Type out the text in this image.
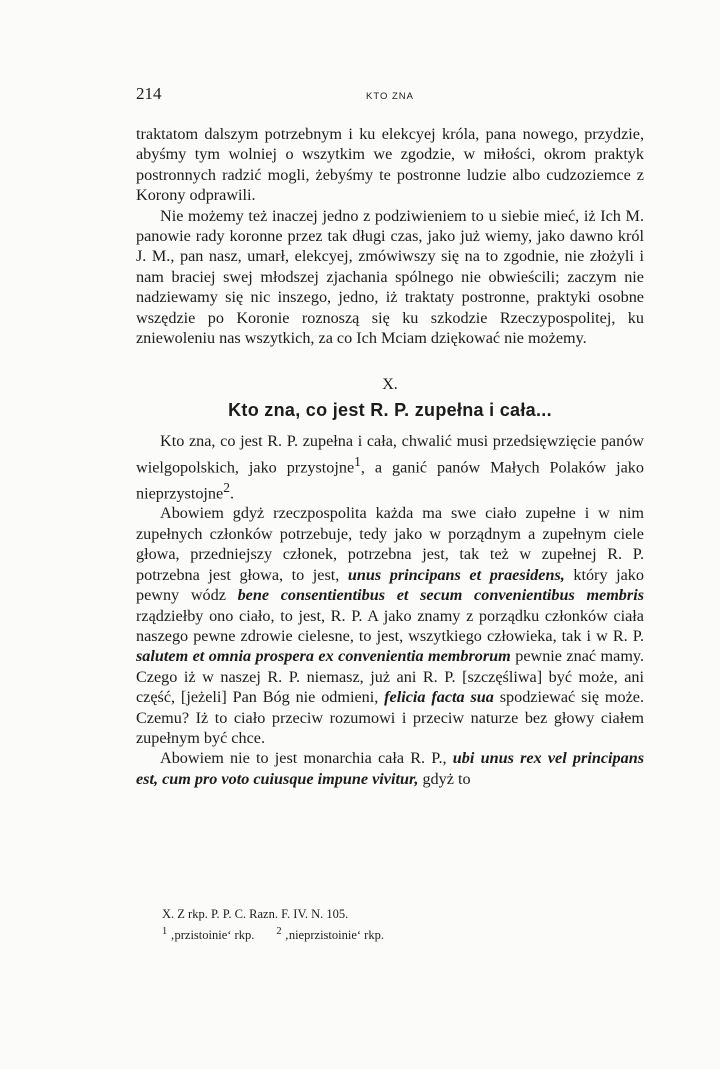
214	KTO ZNA

traktatom dalszym potrzebnym i ku elekcyej króla, pana nowego, przydzie, abyśmy tym wolniej o wszytkim we zgodzie, w miłości, okrom praktyk postronnych radzić mogli, żebyśmy te postronne ludzie albo cudzoziemce z Korony odprawili.

Nie możemy też inaczej jedno z podziwieniem to u siebie mieć, iż Ich M. panowie rady koronne przez tak długi czas, jako już wiemy, jako dawno król J. M., pan nasz, umarł, elekcyej, zmówiwszy się na to zgodnie, nie złożyli i nam braciej swej młodszej zjachania spólnego nie obwieścili; zaczym nie nadziewamy się nic inszego, jedno, iż traktaty postronne, praktyki osobne wszędzie po Koronie roznoszą się ku szkodzie Rzeczypospolitej, ku zniewoleniu nas wszytkich, za co Ich Mciam dziękować nie możemy.

X.
Kto zna, co jest R. P. zupełna i cała...

Kto zna, co jest R. P. zupełna i cała, chwalić musi przedsięwzięcie panów wielgopolskich, jako przystojne$^1$, a ganić panów Małych Polaków jako nieprzystojne$^2$.

Abowiem gdyż rzeczpospolita każda ma swe ciało zupełne i w nim zupełnych członków potrzebuje, tedy jako w porządnym a zupełnym ciele głowa, przedniejszy członek, potrzebna jest, tak też w zupełnej R. P. potrzebna jest głowa, to jest, unus principans et praesidens, który jako pewny wódz bene consentientibus et secum convenientibus membris rządziełby ono ciało, to jest, R. P. A jako znamy z porządku członków ciała naszego pewne zdrowie cielesne, to jest, wszytkiego człowieka, tak i w R. P. salutem et omnia prospera ex convenientia membrorum pewnie znać mamy. Czego iż w naszej R. P. niemasz, już ani R. P. [szczęśliwa] być może, ani część, [jeżeli] Pan Bóg nie odmieni, felicia facta sua spodziewać się może. Czemu? Iż to ciało przeciw rozumowi i przeciw naturze bez głowy ciałem zupełnym być chce.

Abowiem nie to jest monarchia cała R. P., ubi unus rex vel principans est, cum pro voto cuiusque impune vivitur, gdyż to

X. Z rkp. P. P. C. Razn. F. IV. N. 105.
$^1$ ‚przistoinie‘ rkp. $^2$ ‚nieprzistoinie‘ rkp.
